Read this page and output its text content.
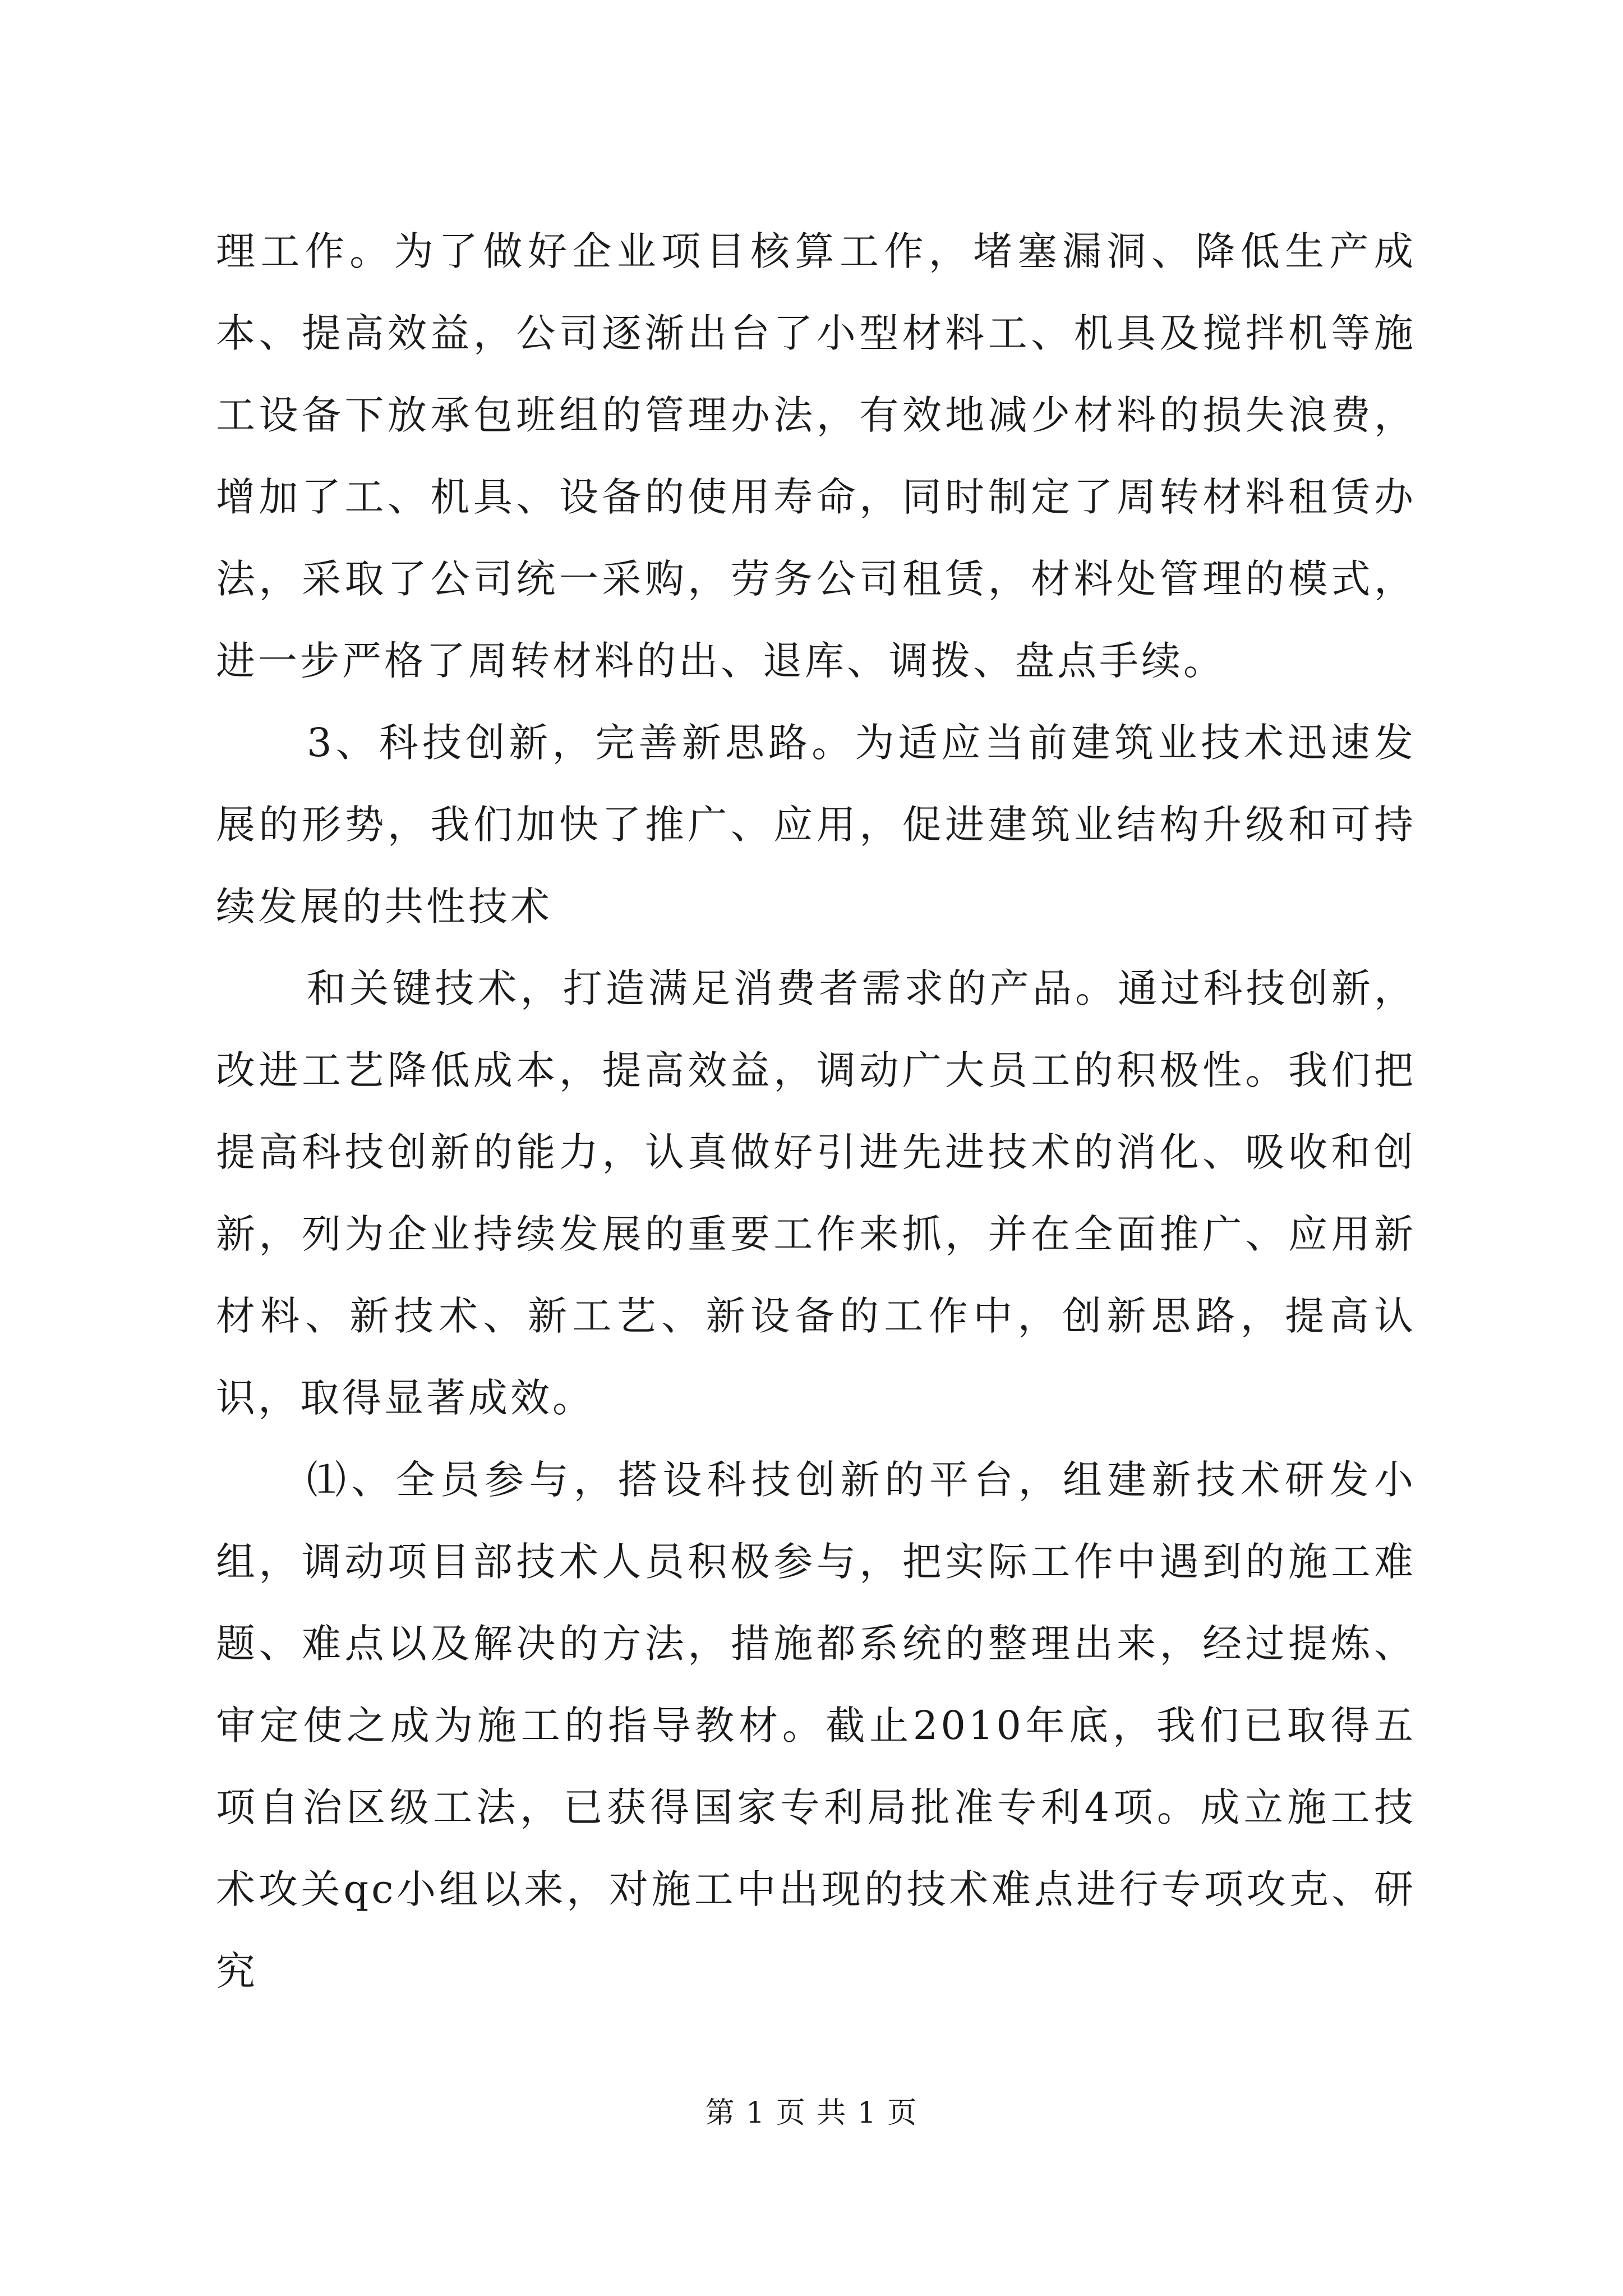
理工作。为了做好企业项目核算工作，堵塞漏洞、降低生产成本、提高效益，公司逐渐出台了小型材料工、机具及搅拌机等施工设备下放承包班组的管理办法，有效地减少材料的损失浪费，增加了工、机具、设备的使用寿命，同时制定了周转材料租赁办法，采取了公司统一采购，劳务公司租赁，材料处管理的模式，进一步严格了周转材料的出、退库、调拨、盘点手续。

3、科技创新，完善新思路。为适应当前建筑业技术迅速发展的形势，我们加快了推广、应用，促进建筑业结构升级和可持续发展的共性技术

和关键技术，打造满足消费者需求的产品。通过科技创新，改进工艺降低成本，提高效益，调动广大员工的积极性。我们把提高科技创新的能力，认真做好引进先进技术的消化、吸收和创新，列为企业持续发展的重要工作来抓，并在全面推广、应用新材料、新技术、新工艺、新设备的工作中，创新思路，提高认识，取得显著成效。

⑴、全员参与，搭设科技创新的平台，组建新技术研发小组，调动项目部技术人员积极参与，把实际工作中遇到的施工难题、难点以及解决的方法，措施都系统的整理出来，经过提炼、审定使之成为施工的指导教材。截止2010年底，我们已取得五项自治区级工法，已获得国家专利局批准专利4项。成立施工技术攻关qc小组以来，对施工中出现的技术难点进行专项攻克、研究

第 1 页 共 1 页
